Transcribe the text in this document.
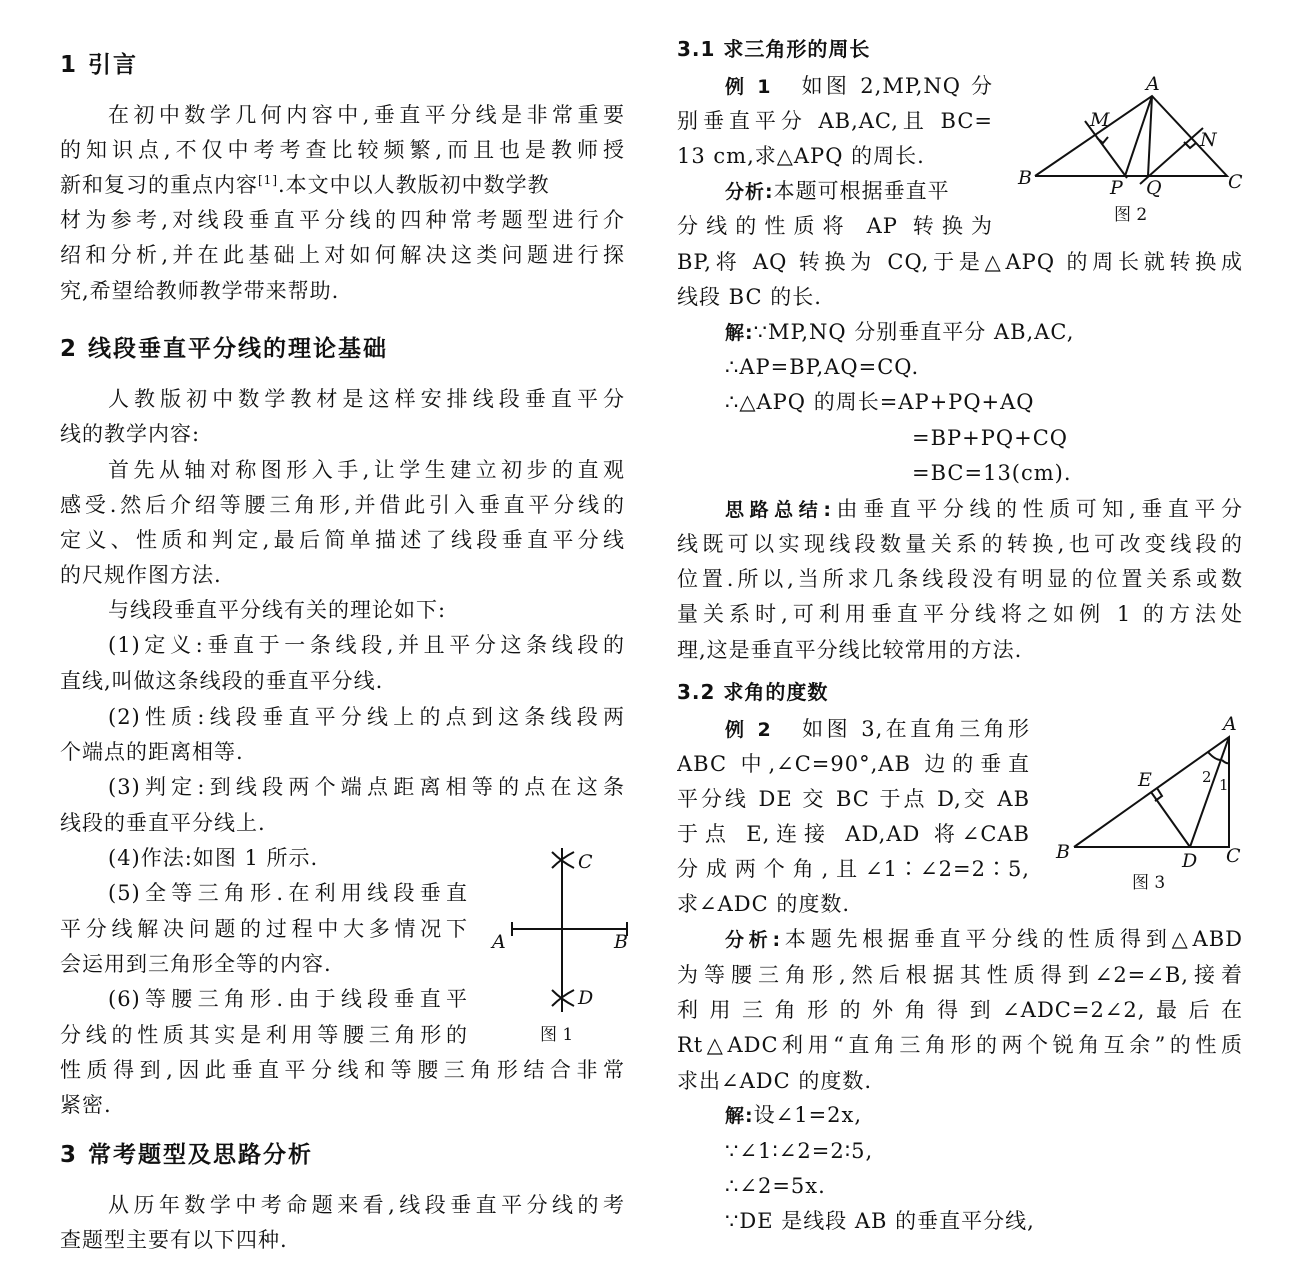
1 引言
在初中数学几何内容中,垂直平分线是非常重要
的知识点,不仅中考考查比较频繁,而且也是教师授
新和复习的重点内容[1].本文中以人教版初中数学教
材为参考,对线段垂直平分线的四种常考题型进行介
绍和分析,并在此基础上对如何解决这类问题进行探
究,希望给教师教学带来帮助.
2 线段垂直平分线的理论基础
人教版初中数学教材是这样安排线段垂直平分
线的教学内容:
首先从轴对称图形入手,让学生建立初步的直观
感受.然后介绍等腰三角形,并借此引入垂直平分线的
定义、性质和判定,最后简单描述了线段垂直平分线
的尺规作图方法.
与线段垂直平分线有关的理论如下:
(1)定义:垂直于一条线段,并且平分这条线段的
直线,叫做这条线段的垂直平分线.
(2)性质:线段垂直平分线上的点到这条线段两
个端点的距离相等.
(3)判定:到线段两个端点距离相等的点在这条
线段的垂直平分线上.
(4)作法:如图 1 所示.
(5)全等三角形.在利用线段垂直
平分线解决问题的过程中大多情况下
会运用到三角形全等的内容.
(6)等腰三角形.由于线段垂直平
分线的性质其实是利用等腰三角形的
性质得到,因此垂直平分线和等腰三角形结合非常
紧密.
C
D
A	B
图 1
3 常考题型及思路分析
从历年数学中考命题来看,线段垂直平分线的考
查题型主要有以下四种.
3.1 求三角形的周长
例 1 如图 2,MP,NQ 分
别垂直平分 AB,AC,且 BC=
13 cm,求△APQ 的周长.
分析:本题可根据垂直平
分线的性质将 AP 转换为
BP,将 AQ 转换为 CQ,于是△APQ 的周长就转换成
线段 BC 的长.
解:∵MP,NQ 分别垂直平分 AB,AC,
∴AP=BP,AQ=CQ.
∴△APQ 的周长=AP+PQ+AQ
=BP+PQ+CQ
=BC=13(cm).
思路总结:由垂直平分线的性质可知,垂直平分
线既可以实现线段数量关系的转换,也可改变线段的
位置.所以,当所求几条线段没有明显的位置关系或数
量关系时,可利用垂直平分线将之如例 1 的方法处
理,这是垂直平分线比较常用的方法.
A
M
N
B	P Q	C
图 2
3.2 求角的度数
例 2 如图 3,在直角三角形
ABC 中,∠C=90°,AB 边的垂直
平分线 DE 交 BC 于点 D,交 AB
于点 E,连接 AD,AD 将∠CAB
分成两个角,且∠1∶∠2=2∶5,
求∠ADC 的度数.
分析:本题先根据垂直平分线的性质得到△ABD
为等腰三角形,然后根据其性质得到∠2=∠B,接着
利用三角形的外角得到∠ADC=2∠2,最后在
Rt△ADC利用“直角三角形的两个锐角互余”的性质
求出∠ADC 的度数.
解:设∠1=2x,
∵∠1∶∠2=2∶5,
∴∠2=5x.
∵DE 是线段 AB 的垂直平分线,
A
2 1
E
B	D C
图 3
